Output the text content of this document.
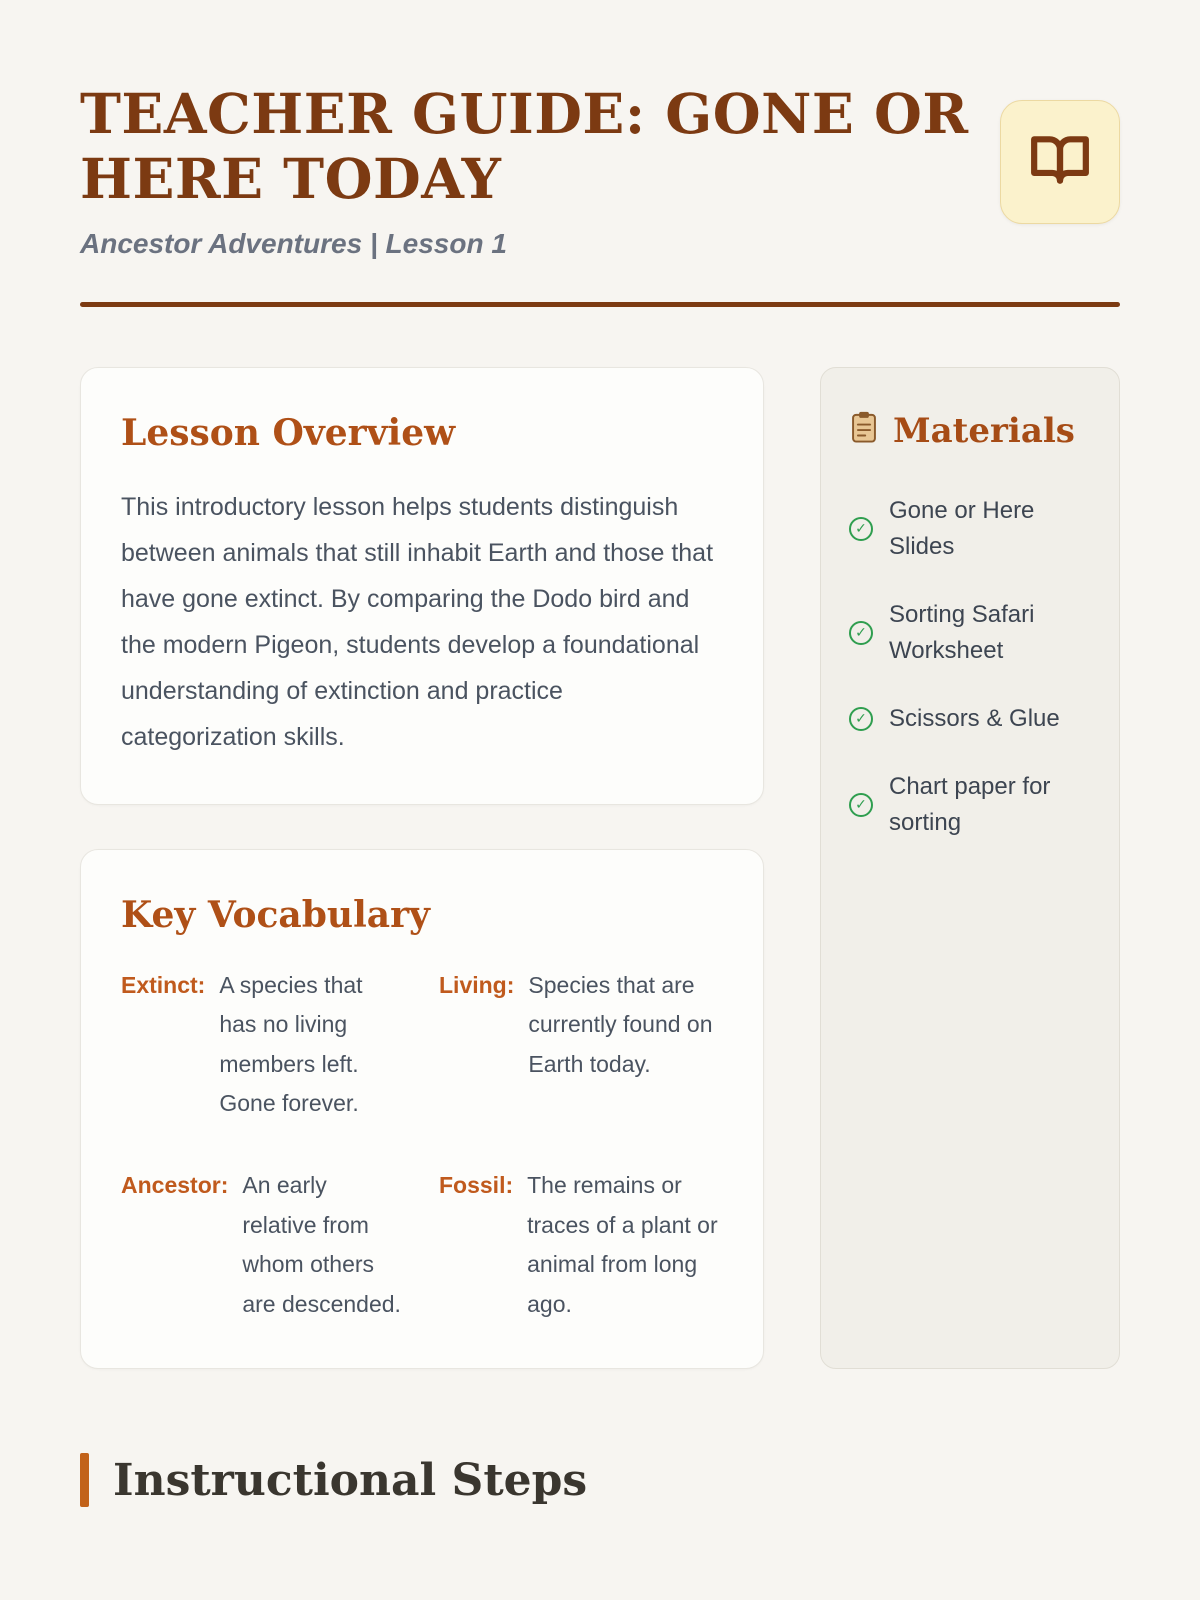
TEACHER GUIDE: GONE OR HERE TODAY

Ancestor Adventures | Lesson 1

Lesson Overview

This introductory lesson helps students distinguish between animals that still inhabit Earth and those that have gone extinct. By comparing the Dodo bird and the modern Pigeon, students develop a foundational understanding of extinction and practice categorization skills.

Key Vocabulary
Extinct: A species that has no living members left. Gone forever.
Living: Species that are currently found on Earth today.
Ancestor: An early relative from whom others are descended.
Fossil: The remains or traces of a plant or animal from long ago.
Materials
✓
Gone or Here Slides
✓
Sorting Safari Worksheet
✓ Scissors & Glue
✓
Chart paper for sorting
Instructional Steps
